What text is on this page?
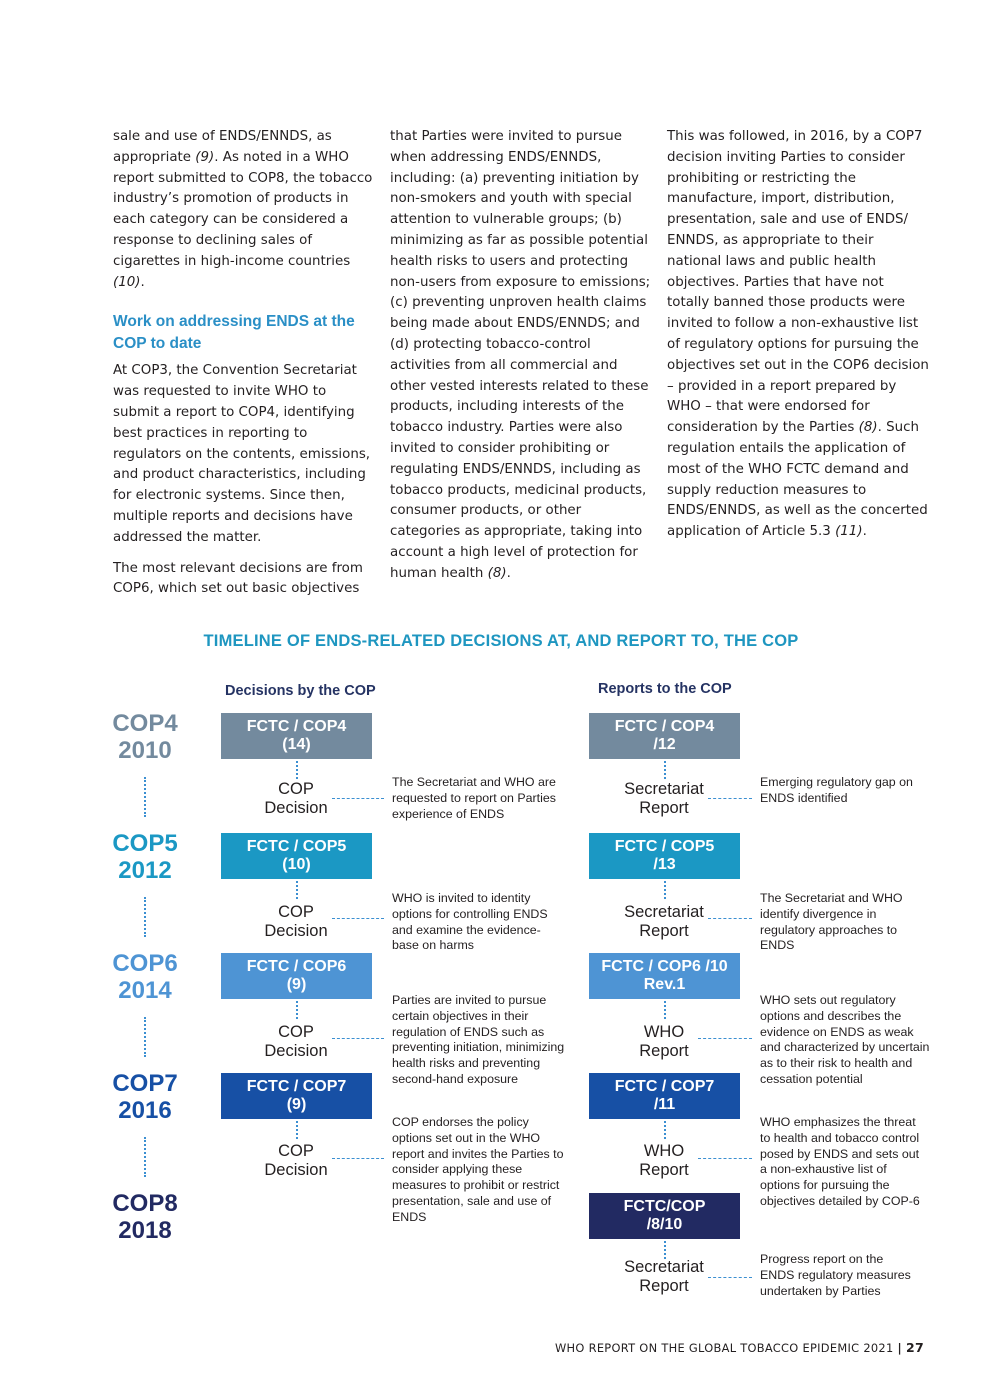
sale and use of ENDS/ENNDS, as appropriate (9). As noted in a WHO report submitted to COP8, the tobacco industry’s promotion of products in each category can be considered a response to declining sales of cigarettes in high-income countries (10).

Work on addressing ENDS at the COP to date

At COP3, the Convention Secretariat was requested to invite WHO to submit a report to COP4, identifying best practices in reporting to regulators on the contents, emissions, and product characteristics, including for electronic systems. Since then, multiple reports and decisions have addressed the matter.

The most relevant decisions are from COP6, which set out basic objectives

that Parties were invited to pursue when addressing ENDS/ENNDS, including: (a) preventing initiation by non-smokers and youth with special attention to vulnerable groups; (b) minimizing as far as possible potential health risks to users and protecting non-users from exposure to emissions; (c) preventing unproven health claims being made about ENDS/ENNDS; and (d) protecting tobacco-control activities from all commercial and other vested interests related to these products, including interests of the tobacco industry. Parties were also invited to consider prohibiting or regulating ENDS/ENNDS, including as tobacco products, medicinal products, consumer products, or other categories as appropriate, taking into account a high level of protection for human health (8).

This was followed, in 2016, by a COP7 decision inviting Parties to consider prohibiting or restricting the manufacture, import, distribution, presentation, sale and use of ENDS/ ENNDS, as appropriate to their national laws and public health objectives. Parties that have not totally banned those products were invited to follow a non-exhaustive list of regulatory options for pursuing the objectives set out in the COP6 decision – provided in a report prepared by WHO – that were endorsed for consideration by the Parties (8). Such regulation entails the application of most of the WHO FCTC demand and supply reduction measures to ENDS/ENNDS, as well as the concerted application of Article 5.3 (11).

TIMELINE OF ENDS-RELATED DECISIONS AT, AND REPORT TO, THE COP
Decisions by the COP	Reports to the COP
COP4
2010
COP5
2012
COP6
2014
COP7
2016
COP8
2018
FCTC / COP4
(14)
COP
Decision
The Secretariat and WHO are requested to report on Parties experience of ENDS
FCTC / COP5
(10)
COP
Decision
WHO is invited to identity options for controlling ENDS and examine the evidence-base on harms
FCTC / COP6
(9)
COP
Decision
Parties are invited to pursue certain objectives in their regulation of ENDS such as preventing initiation, minimizing health risks and preventing second-hand exposure
FCTC / COP7
(9)
COP
Decision
COP endorses the policy options set out in the WHO report and invites the Parties to consider applying these measures to prohibit or restrict presentation, sale and use of ENDS
FCTC / COP4
/12
Secretariat
Report
Emerging regulatory gap on ENDS identified
FCTC / COP5
/13
Secretariat
Report
The Secretariat and WHO identify divergence in regulatory approaches to ENDS
FCTC / COP6 /10
Rev.1
WHO
Report
WHO sets out regulatory options and describes the evidence on ENDS as weak and characterized by uncertain as to their risk to health and cessation potential
FCTC / COP7
/11
WHO
Report
WHO emphasizes the threat to health and tobacco control posed by ENDS and sets out a non-exhaustive list of options for pursuing the objectives detailed by COP-6
FCTC/COP
/8/10
Secretariat
Report
Progress report on the ENDS regulatory measures undertaken by Parties
WHO REPORT ON THE GLOBAL TOBACCO EPIDEMIC 2021 | 27
